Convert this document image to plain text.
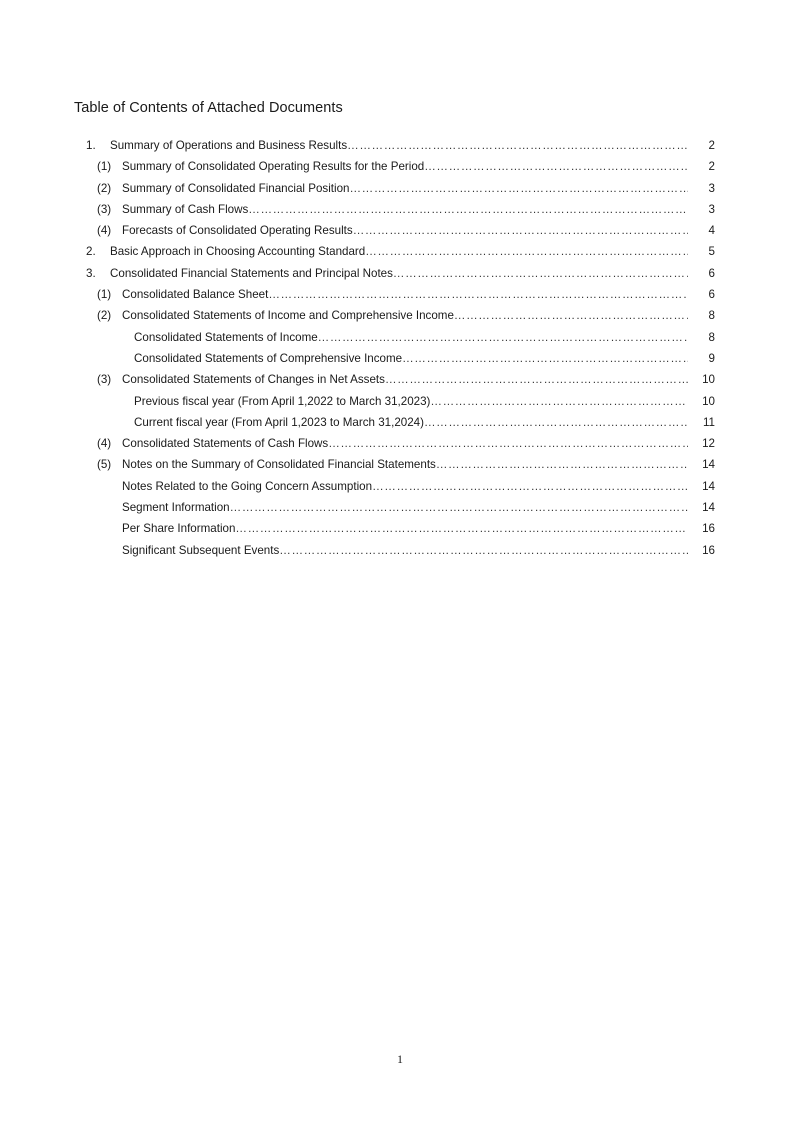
Table of Contents of Attached Documents
1. Summary of Operations and Business Results ……………………………………………………………………………………………………………………………………………………………………………	2
(1) Summary of Consolidated Operating Results for the Period ……………………………………………………………………………………………………………………………………………………………………………	2
(2) Summary of Consolidated Financial Position ……………………………………………………………………………………………………………………………………………………………………………	3
(3) Summary of Cash Flows ……………………………………………………………………………………………………………………………………………………………………………	3
(4) Forecasts of Consolidated Operating Results ……………………………………………………………………………………………………………………………………………………………………………	4
2. Basic Approach in Choosing Accounting Standard ……………………………………………………………………………………………………………………………………………………………………………	5
3. Consolidated Financial Statements and Principal Notes ……………………………………………………………………………………………………………………………………………………………………………	6
(1) Consolidated Balance Sheet ……………………………………………………………………………………………………………………………………………………………………………	6
(2) Consolidated Statements of Income and Comprehensive Income ……………………………………………………………………………………………………………………………………………………………………………	8
Consolidated Statements of Income ……………………………………………………………………………………………………………………………………………………………………………	8
Consolidated Statements of Comprehensive Income ……………………………………………………………………………………………………………………………………………………………………………	9
(3) Consolidated Statements of Changes in Net Assets ……………………………………………………………………………………………………………………………………………………………………………	10
Previous fiscal year (From April 1,2022 to March 31,2023) ……………………………………………………………………………………………………………………………………………………………………………	10
Current fiscal year (From April 1,2023 to March 31,2024) ……………………………………………………………………………………………………………………………………………………………………………	11
(4) Consolidated Statements of Cash Flows ……………………………………………………………………………………………………………………………………………………………………………	12
(5) Notes on the Summary of Consolidated Financial Statements ……………………………………………………………………………………………………………………………………………………………………………	14
Notes Related to the Going Concern Assumption ……………………………………………………………………………………………………………………………………………………………………………	14
Segment Information ……………………………………………………………………………………………………………………………………………………………………………	14
Per Share Information ……………………………………………………………………………………………………………………………………………………………………………	16
Significant Subsequent Events ……………………………………………………………………………………………………………………………………………………………………………	16
1
